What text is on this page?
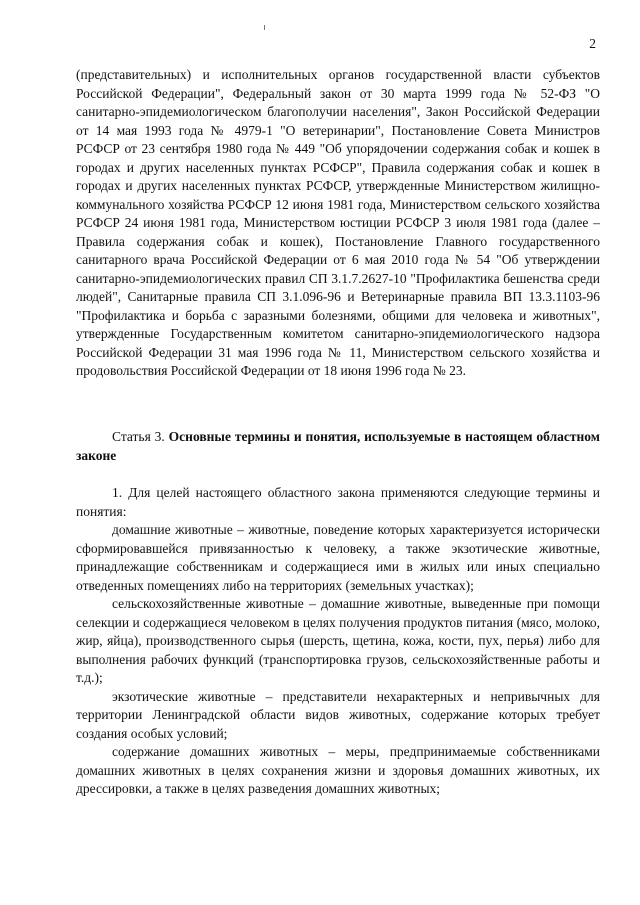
2

(представительных) и исполнительных органов государственной власти субъектов Российской Федерации", Федеральный закон от 30 марта 1999 года № 52-ФЗ "О санитарно-эпидемиологическом благополучии населения", Закон Российской Федерации от 14 мая 1993 года № 4979-1 "О ветеринарии", Постановление Совета Министров РСФСР от 23 сентября 1980 года № 449 "Об упорядочении содержания собак и кошек в городах и других населенных пунктах РСФСР", Правила содержания собак и кошек в городах и других населенных пунктах РСФСР, утвержденные Министерством жилищно-коммунального хозяйства РСФСР 12 июня 1981 года, Министерством сельского хозяйства РСФСР 24 июня 1981 года, Министерством юстиции РСФСР 3 июля 1981 года (далее – Правила содержания собак и кошек), Постановление Главного государственного санитарного врача Российской Федерации от 6 мая 2010 года № 54 "Об утверждении санитарно-эпидемиологических правил СП 3.1.7.2627-10 "Профилактика бешенства среди людей", Санитарные правила СП 3.1.096-96 и Ветеринарные правила ВП 13.3.1103-96 "Профилактика и борьба с заразными болезнями, общими для человека и животных", утвержденные Государственным комитетом санитарно-эпидемиологического надзора Российской Федерации 31 мая 1996 года № 11, Министерством сельского хозяйства и продовольствия Российской Федерации от 18 июня 1996 года № 23.

Статья 3. Основные термины и понятия, используемые в настоящем областном законе

1. Для целей настоящего областного закона применяются следующие термины и понятия:

домашние животные – животные, поведение которых характеризуется исторически сформировавшейся привязанностью к человеку, а также экзотические животные, принадлежащие собственникам и содержащиеся ими в жилых или иных специально отведенных помещениях либо на территориях (земельных участках);

сельскохозяйственные животные – домашние животные, выведенные при помощи селекции и содержащиеся человеком в целях получения продуктов питания (мясо, молоко, жир, яйца), производственного сырья (шерсть, щетина, кожа, кости, пух, перья) либо для выполнения рабочих функций (транспортировка грузов, сельскохозяйственные работы и т.д.);

экзотические животные – представители нехарактерных и непривычных для территории Ленинградской области видов животных, содержание которых требует создания особых условий;

содержание домашних животных – меры, предпринимаемые собственниками домашних животных в целях сохранения жизни и здоровья домашних животных, их дрессировки, а также в целях разведения домашних животных;
